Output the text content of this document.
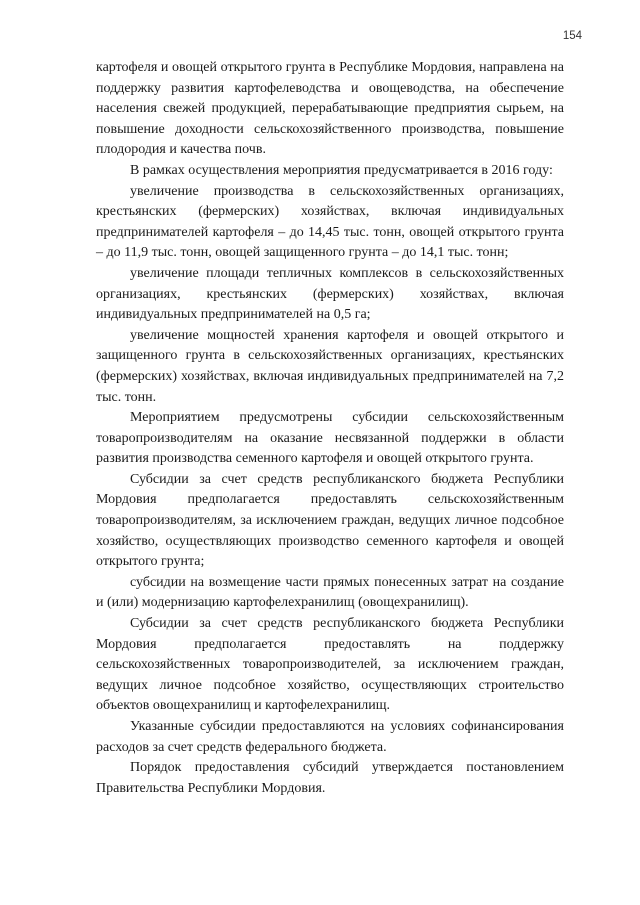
154

картофеля и овощей открытого грунта в Республике Мордовия, направлена на поддержку развития картофелеводства и овощеводства, на обеспечение населения свежей продукцией, перерабатывающие предприятия сырьем, на повышение доходности сельскохозяйственного производства, повышение плодородия и качества почв.

В рамках осуществления мероприятия предусматривается в 2016 году:

увеличение производства в сельскохозяйственных организациях, крестьянских (фермерских) хозяйствах, включая индивидуальных предпринимателей картофеля – до 14,45 тыс. тонн, овощей открытого грунта – до 11,9 тыс. тонн, овощей защищенного грунта – до 14,1 тыс. тонн;

увеличение площади тепличных комплексов в сельскохозяйственных организациях, крестьянских (фермерских) хозяйствах, включая индивидуальных предпринимателей на 0,5 га;

увеличение мощностей хранения картофеля и овощей открытого и защищенного грунта в сельскохозяйственных организациях, крестьянских (фермерских) хозяйствах, включая индивидуальных предпринимателей на 7,2 тыс. тонн.

Мероприятием предусмотрены субсидии сельскохозяйственным товаропроизводителям на оказание несвязанной поддержки в области развития производства семенного картофеля и овощей открытого грунта.

Субсидии за счет средств республиканского бюджета Республики Мордовия предполагается предоставлять сельскохозяйственным товаропроизводителям, за исключением граждан, ведущих личное подсобное хозяйство, осуществляющих производство семенного картофеля и овощей открытого грунта;

субсидии на возмещение части прямых понесенных затрат на создание и (или) модернизацию картофелехранилищ (овощехранилищ).

Субсидии за счет средств республиканского бюджета Республики Мордовия предполагается предоставлять на поддержку сельскохозяйственных товаропроизводителей, за исключением граждан, ведущих личное подсобное хозяйство, осуществляющих строительство объектов овощехранилищ и картофелехранилищ.

Указанные субсидии предоставляются на условиях софинансирования расходов за счет средств федерального бюджета.

Порядок предоставления субсидий утверждается постановлением Правительства Республики Мордовия.
